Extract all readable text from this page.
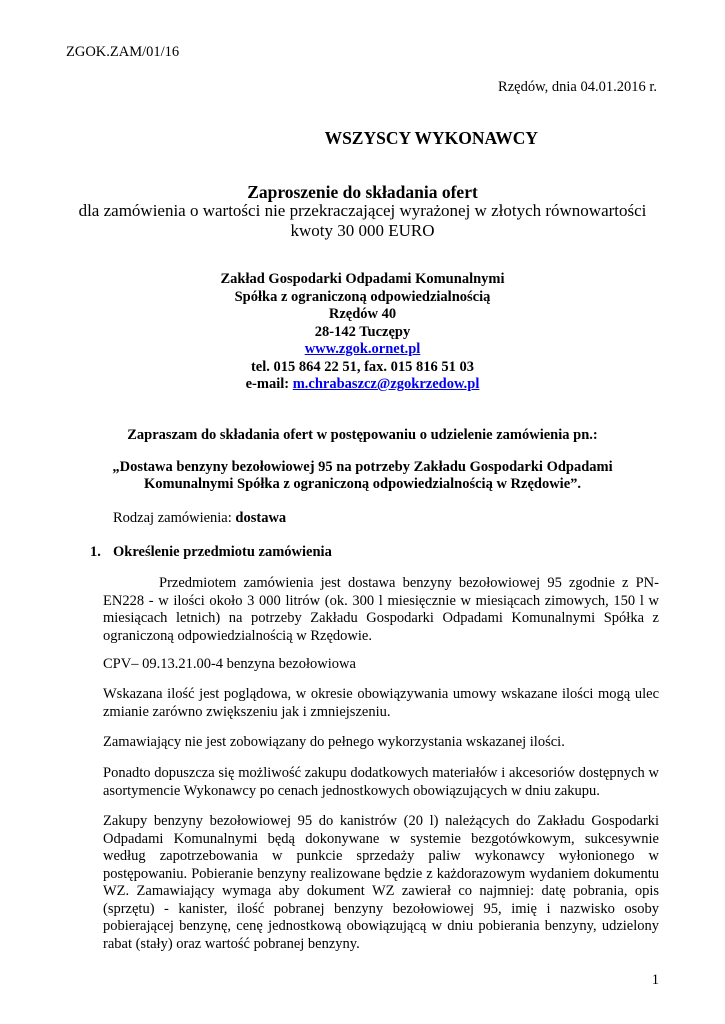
ZGOK.ZAM/01/16

Rzędów, dnia 04.01.2016 r.

WSZYSCY WYKONAWCY

Zaproszenie do składania ofert

dla zamówienia o wartości nie przekraczającej wyrażonej w złotych równowartości

kwoty 30 000 EURO

Zakład Gospodarki Odpadami Komunalnymi
Spółka z ograniczoną odpowiedzialnością
Rzędów 40
28-142 Tuczępy
www.zgok.ornet.pl
tel. 015 864 22 51, fax. 015 816 51 03
e-mail: m.chrabaszcz@zgokrzedow.pl

Zapraszam do składania ofert w postępowaniu o udzielenie zamówienia pn.:

„Dostawa benzyny bezołowiowej 95 na potrzeby Zakładu Gospodarki Odpadami

Komunalnymi Spółka z ograniczoną odpowiedzialnością w Rzędowie”.

Rodzaj zamówienia: dostawa

1. Określenie przedmiotu zamówienia

Przedmiotem zamówienia jest dostawa benzyny bezołowiowej 95 zgodnie z PN-EN228 - w ilości około 3 000 litrów (ok. 300 l miesięcznie w miesiącach zimowych, 150 l w miesiącach letnich) na potrzeby Zakładu Gospodarki Odpadami Komunalnymi Spółka z ograniczoną odpowiedzialnością w Rzędowie.

CPV– 09.13.21.00-4 benzyna bezołowiowa

Wskazana ilość jest poglądowa, w okresie obowiązywania umowy wskazane ilości mogą ulec zmianie zarówno zwiększeniu jak i zmniejszeniu.

Zamawiający nie jest zobowiązany do pełnego wykorzystania wskazanej ilości.

Ponadto dopuszcza się możliwość zakupu dodatkowych materiałów i akcesoriów dostępnych w asortymencie Wykonawcy po cenach jednostkowych obowiązujących w dniu zakupu.

Zakupy benzyny bezołowiowej 95 do kanistrów (20 l) należących do Zakładu Gospodarki Odpadami Komunalnymi będą dokonywane w systemie bezgotówkowym, sukcesywnie według zapotrzebowania w punkcie sprzedaży paliw wykonawcy wyłonionego w postępowaniu. Pobieranie benzyny realizowane będzie z każdorazowym wydaniem dokumentu WZ. Zamawiający wymaga aby dokument WZ zawierał co najmniej: datę pobrania, opis (sprzętu) - kanister, ilość pobranej benzyny bezołowiowej 95, imię i nazwisko osoby pobierającej benzynę, cenę jednostkową obowiązującą w dniu pobierania benzyny, udzielony rabat (stały) oraz wartość pobranej benzyny.

1
